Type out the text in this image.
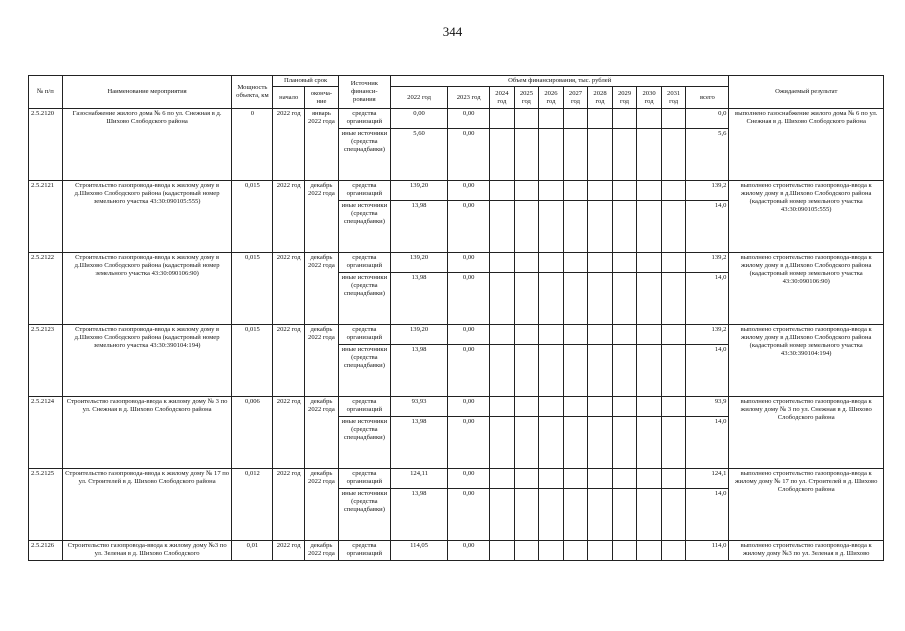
344
№ п/п	Наименование мероприятия	Мощность объекта, км	Плановый срок		Источник финанси-рования	Объем финансирования, тыс. рублей											Ожидаемый результат
			начало	оконча-ние		2022 год	2023 год	2024 год	2025 год	2026 год	2027 год	2028 год	2029 год	2030 год	2031 год	всего	
2.5.2120	Газоснабжение жилого дома № 6 по ул. Снежная в д. Шихово Слободского района	0	2022 год	январь 2022 года	средства организаций	0,00	0,00									0,0	выполнено газоснабжение жилого дома № 6 по ул. Снежная в д. Шихово Слободского района
					иные источники (средства спецнадбавки)	5,60	0,00									5,6	
2.5.2121	Строительство газопровода-ввода к жилому дому в д.Шихово Слободского района (кадастровый номер земельного участка 43:30:090105:555)	0,015	2022 год	декабрь 2022 года	средства организаций	139,20	0,00									139,2	выполнено строительство газопровода-ввода к жилому дому в д.Шихово Слободского района (кадастровый номер земельного участка 43:30:090105:555)
					иные источники (средства спецнадбавки)	13,98	0,00									14,0	
2.5.2122	Строительство газопровода-ввода к жилому дому в д.Шихово Слободского района (кадастровый номер земельного участка 43:30:090106:90)	0,015	2022 год	декабрь 2022 года	средства организаций	139,20	0,00									139,2	выполнено строительство газопровода-ввода к жилому дому в д.Шихово Слободского района (кадастровый номер земельного участка 43:30:090106:90)
					иные источники (средства спецнадбавки)	13,98	0,00									14,0	
2.5.2123	Строительство газопровода-ввода к жилому дому в д.Шихово Слободского района (кадастровый номер земельного участка 43:30:390104:194)	0,015	2022 год	декабрь 2022 года	средства организаций	139,20	0,00									139,2	выполнено строительство газопровода-ввода к жилому дому в д.Шихово Слободского района (кадастровый номер земельного участка 43:30:390104:194)
					иные источники (средства спецнадбавки)	13,98	0,00									14,0	
2.5.2124	Строительство газопровода-ввода к жилому дому № 3 по ул. Снежная в д. Шихово Слободского района	0,006	2022 год	декабрь 2022 года	средства организаций	93,93	0,00									93,9	выполнено строительство газопровода-ввода к жилому дому № 3 по ул. Снежная в д. Шихово Слободского района
					иные источники (средства спецнадбавки)	13,98	0,00									14,0	
2.5.2125	Строительство газопровода-ввода к жилому дому № 17 по ул. Строителей в д. Шихово Слободского района	0,012	2022 год	декабрь 2022 года	средства организаций	124,11	0,00									124,1	выполнено строительство газопровода-ввода к жилому дому № 17 по ул. Строителей в д. Шихово Слободского района
					иные источники (средства спецнадбавки)	13,98	0,00									14,0	
2.5.2126	Строительство газопровода-ввода к жилому дому №3 по ул. Зеленая в д. Шихово Слободского	0,01	2022 год	декабрь 2022 года	средства организаций	114,05	0,00									114,0	выполнено строительство газопровода-ввода к жилому дому №3 по ул. Зеленая в д. Шихово
